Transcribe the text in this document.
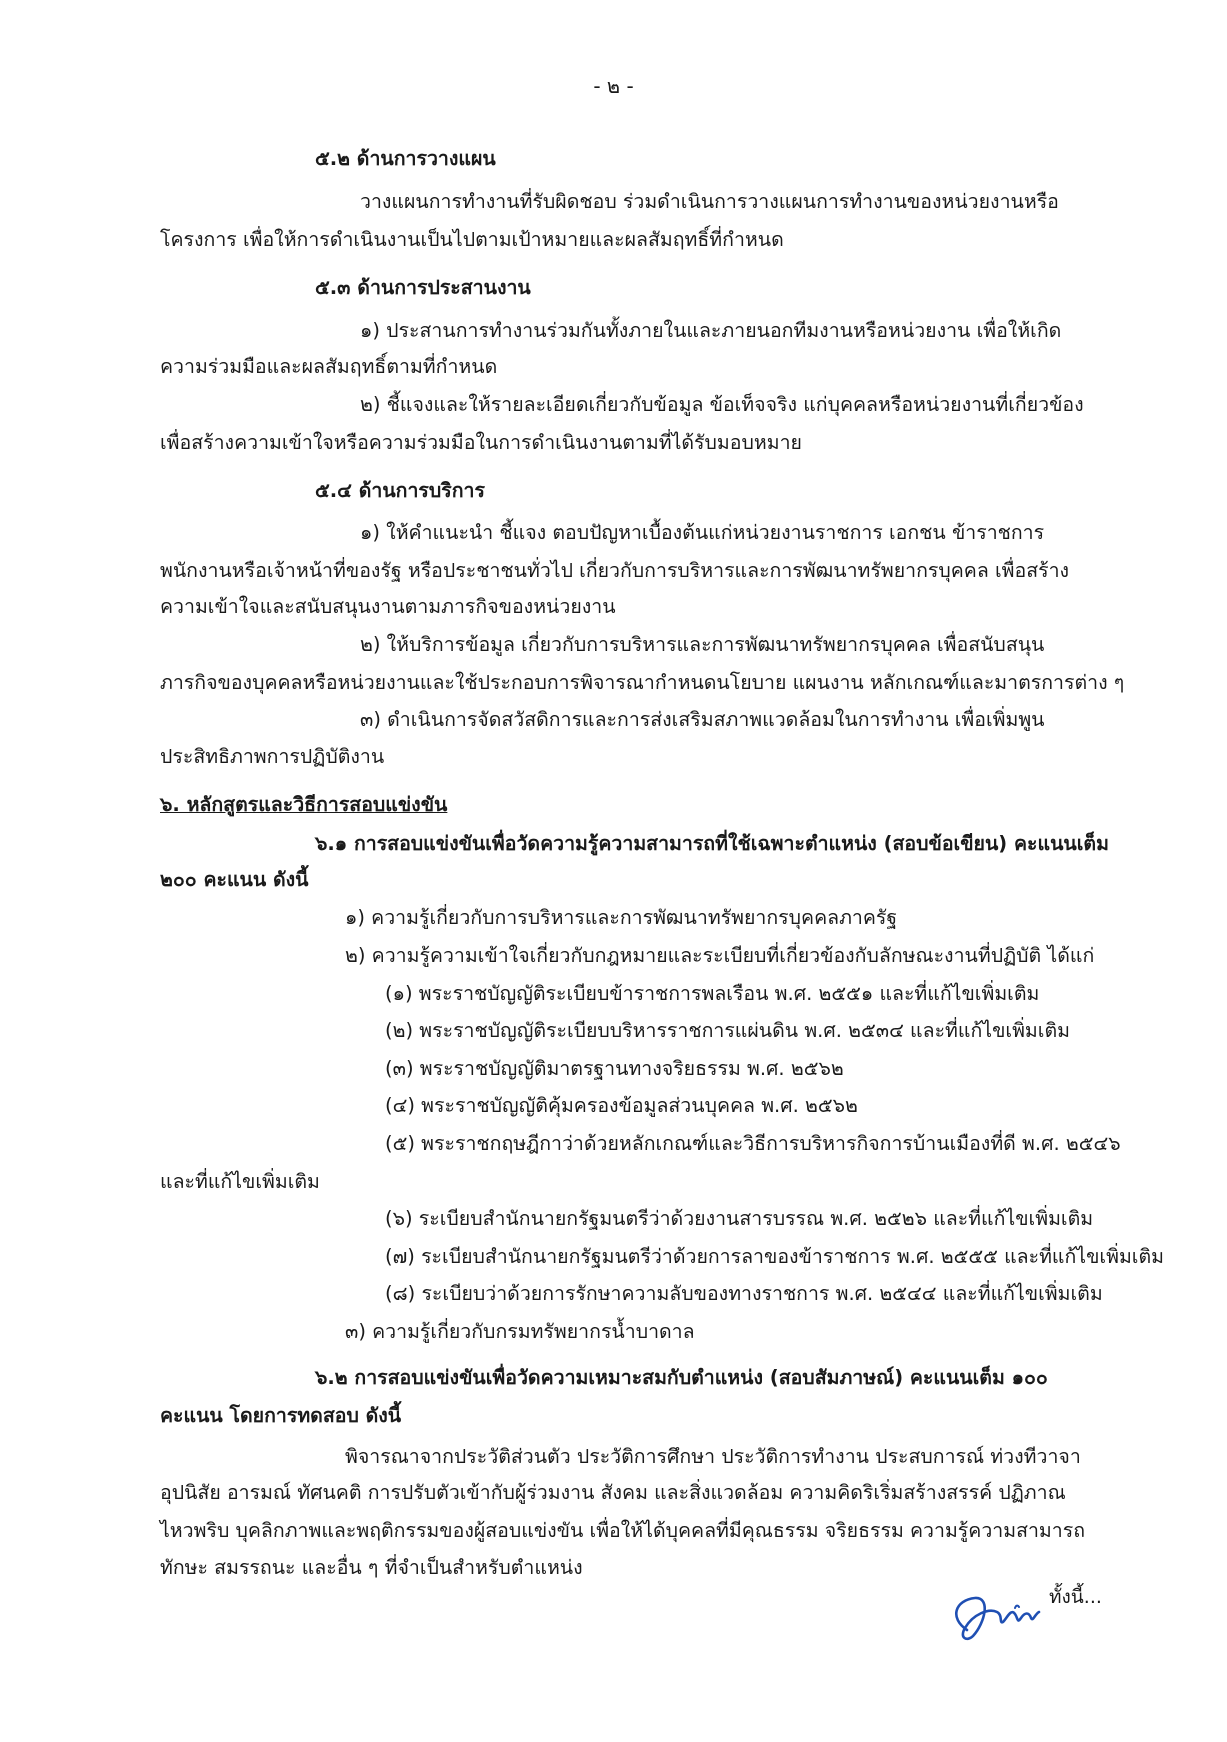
- ๒ -
๕.๒ ด้านการวางแผน
วางแผนการทำงานที่รับผิดชอบ ร่วมดำเนินการวางแผนการทำงานของหน่วยงานหรือ
โครงการ เพื่อให้การดำเนินงานเป็นไปตามเป้าหมายและผลสัมฤทธิ์ที่กำหนด
๕.๓ ด้านการประสานงาน
๑) ประสานการทำงานร่วมกันทั้งภายในและภายนอกทีมงานหรือหน่วยงาน เพื่อให้เกิด
ความร่วมมือและผลสัมฤทธิ์ตามที่กำหนด
๒) ชี้แจงและให้รายละเอียดเกี่ยวกับข้อมูล ข้อเท็จจริง แก่บุคคลหรือหน่วยงานที่เกี่ยวข้อง
เพื่อสร้างความเข้าใจหรือความร่วมมือในการดำเนินงานตามที่ได้รับมอบหมาย
๕.๔ ด้านการบริการ
๑) ให้คำแนะนำ ชี้แจง ตอบปัญหาเบื้องต้นแก่หน่วยงานราชการ เอกชน ข้าราชการ
พนักงานหรือเจ้าหน้าที่ของรัฐ หรือประชาชนทั่วไป เกี่ยวกับการบริหารและการพัฒนาทรัพยากรบุคคล เพื่อสร้าง
ความเข้าใจและสนับสนุนงานตามภารกิจของหน่วยงาน
๒) ให้บริการข้อมูล เกี่ยวกับการบริหารและการพัฒนาทรัพยากรบุคคล เพื่อสนับสนุน
ภารกิจของบุคคลหรือหน่วยงานและใช้ประกอบการพิจารณากำหนดนโยบาย แผนงาน หลักเกณฑ์และมาตรการต่าง ๆ
๓) ดำเนินการจัดสวัสดิการและการส่งเสริมสภาพแวดล้อมในการทำงาน เพื่อเพิ่มพูน
ประสิทธิภาพการปฏิบัติงาน
๖. หลักสูตรและวิธีการสอบแข่งขัน
๖.๑ การสอบแข่งขันเพื่อวัดความรู้ความสามารถที่ใช้เฉพาะตำแหน่ง (สอบข้อเขียน) คะแนนเต็ม
๒๐๐ คะแนน ดังนี้
๑) ความรู้เกี่ยวกับการบริหารและการพัฒนาทรัพยากรบุคคลภาครัฐ
๒) ความรู้ความเข้าใจเกี่ยวกับกฎหมายและระเบียบที่เกี่ยวข้องกับลักษณะงานที่ปฏิบัติ ได้แก่
(๑) พระราชบัญญัติระเบียบข้าราชการพลเรือน พ.ศ. ๒๕๕๑ และที่แก้ไขเพิ่มเติม
(๒) พระราชบัญญัติระเบียบบริหารราชการแผ่นดิน พ.ศ. ๒๕๓๔ และที่แก้ไขเพิ่มเติม
(๓) พระราชบัญญัติมาตรฐานทางจริยธรรม พ.ศ. ๒๕๖๒
(๔) พระราชบัญญัติคุ้มครองข้อมูลส่วนบุคคล พ.ศ. ๒๕๖๒
(๕) พระราชกฤษฎีกาว่าด้วยหลักเกณฑ์และวิธีการบริหารกิจการบ้านเมืองที่ดี พ.ศ. ๒๕๔๖
และที่แก้ไขเพิ่มเติม
(๖) ระเบียบสำนักนายกรัฐมนตรีว่าด้วยงานสารบรรณ พ.ศ. ๒๕๒๖ และที่แก้ไขเพิ่มเติม
(๗) ระเบียบสำนักนายกรัฐมนตรีว่าด้วยการลาของข้าราชการ พ.ศ. ๒๕๕๕ และที่แก้ไขเพิ่มเติม
(๘) ระเบียบว่าด้วยการรักษาความลับของทางราชการ พ.ศ. ๒๕๔๔ และที่แก้ไขเพิ่มเติม
๓) ความรู้เกี่ยวกับกรมทรัพยากรน้ำบาดาล
๖.๒ การสอบแข่งขันเพื่อวัดความเหมาะสมกับตำแหน่ง (สอบสัมภาษณ์) คะแนนเต็ม ๑๐๐
คะแนน โดยการทดสอบ ดังนี้
พิจารณาจากประวัติส่วนตัว ประวัติการศึกษา ประวัติการทำงาน ประสบการณ์ ท่วงทีวาจา
อุปนิสัย อารมณ์ ทัศนคติ การปรับตัวเข้ากับผู้ร่วมงาน สังคม และสิ่งแวดล้อม ความคิดริเริ่มสร้างสรรค์ ปฏิภาณ
ไหวพริบ บุคลิกภาพและพฤติกรรมของผู้สอบแข่งขัน เพื่อให้ได้บุคคลที่มีคุณธรรม จริยธรรม ความรู้ความสามารถ
ทักษะ สมรรถนะ และอื่น ๆ ที่จำเป็นสำหรับตำแหน่ง
ทั้งนี้...
